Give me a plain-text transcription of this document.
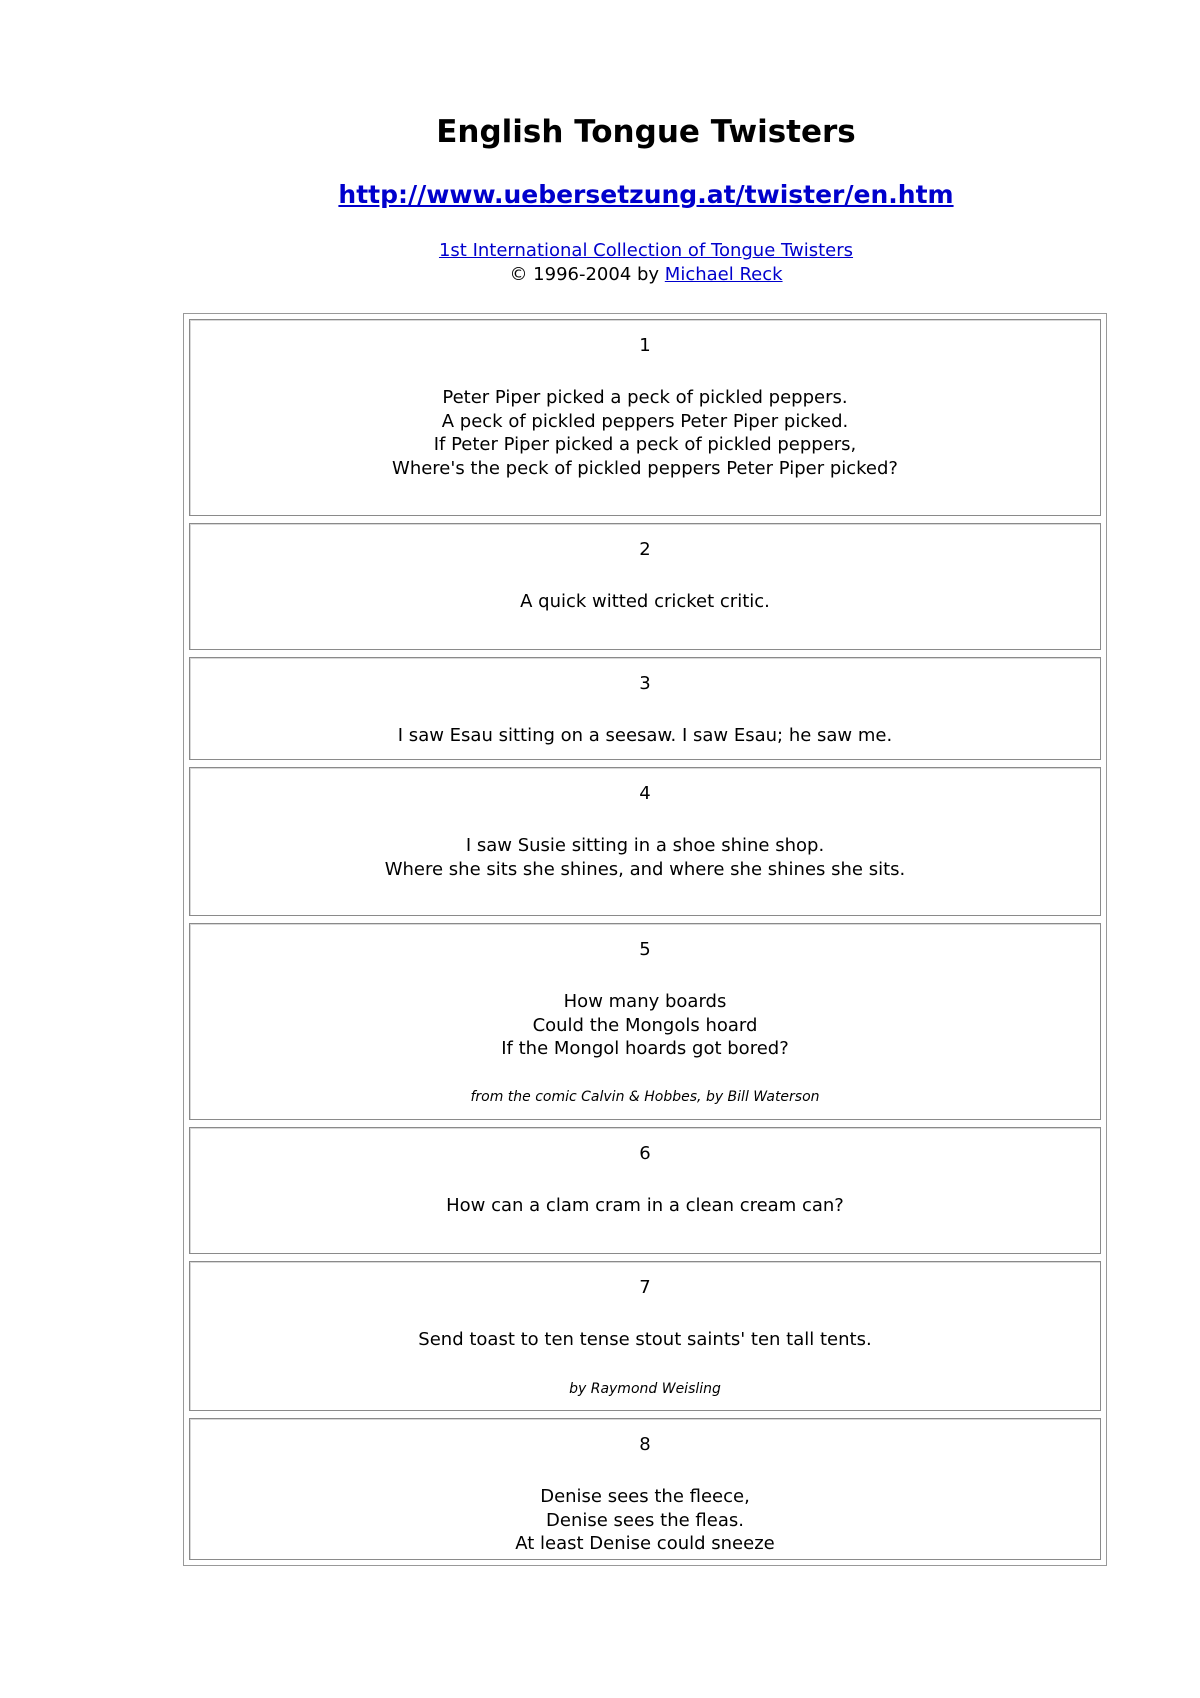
English Tongue Twisters
http://www.uebersetzung.at/twister/en.htm
1st International Collection of Tongue Twisters
© 1996-2004 by Michael Reck
1
Peter Piper picked a peck of pickled peppers.
A peck of pickled peppers Peter Piper picked.
If Peter Piper picked a peck of pickled peppers,
Where's the peck of pickled peppers Peter Piper picked?
2
A quick witted cricket critic.
3
I saw Esau sitting on a seesaw. I saw Esau; he saw me.
4
I saw Susie sitting in a shoe shine shop.
Where she sits she shines, and where she shines she sits.
5
How many boards
Could the Mongols hoard
If the Mongol hoards got bored?
from the comic Calvin & Hobbes, by Bill Waterson
6
How can a clam cram in a clean cream can?
7
Send toast to ten tense stout saints' ten tall tents.
by Raymond Weisling
8
Denise sees the fleece,
Denise sees the fleas.
At least Denise could sneeze
